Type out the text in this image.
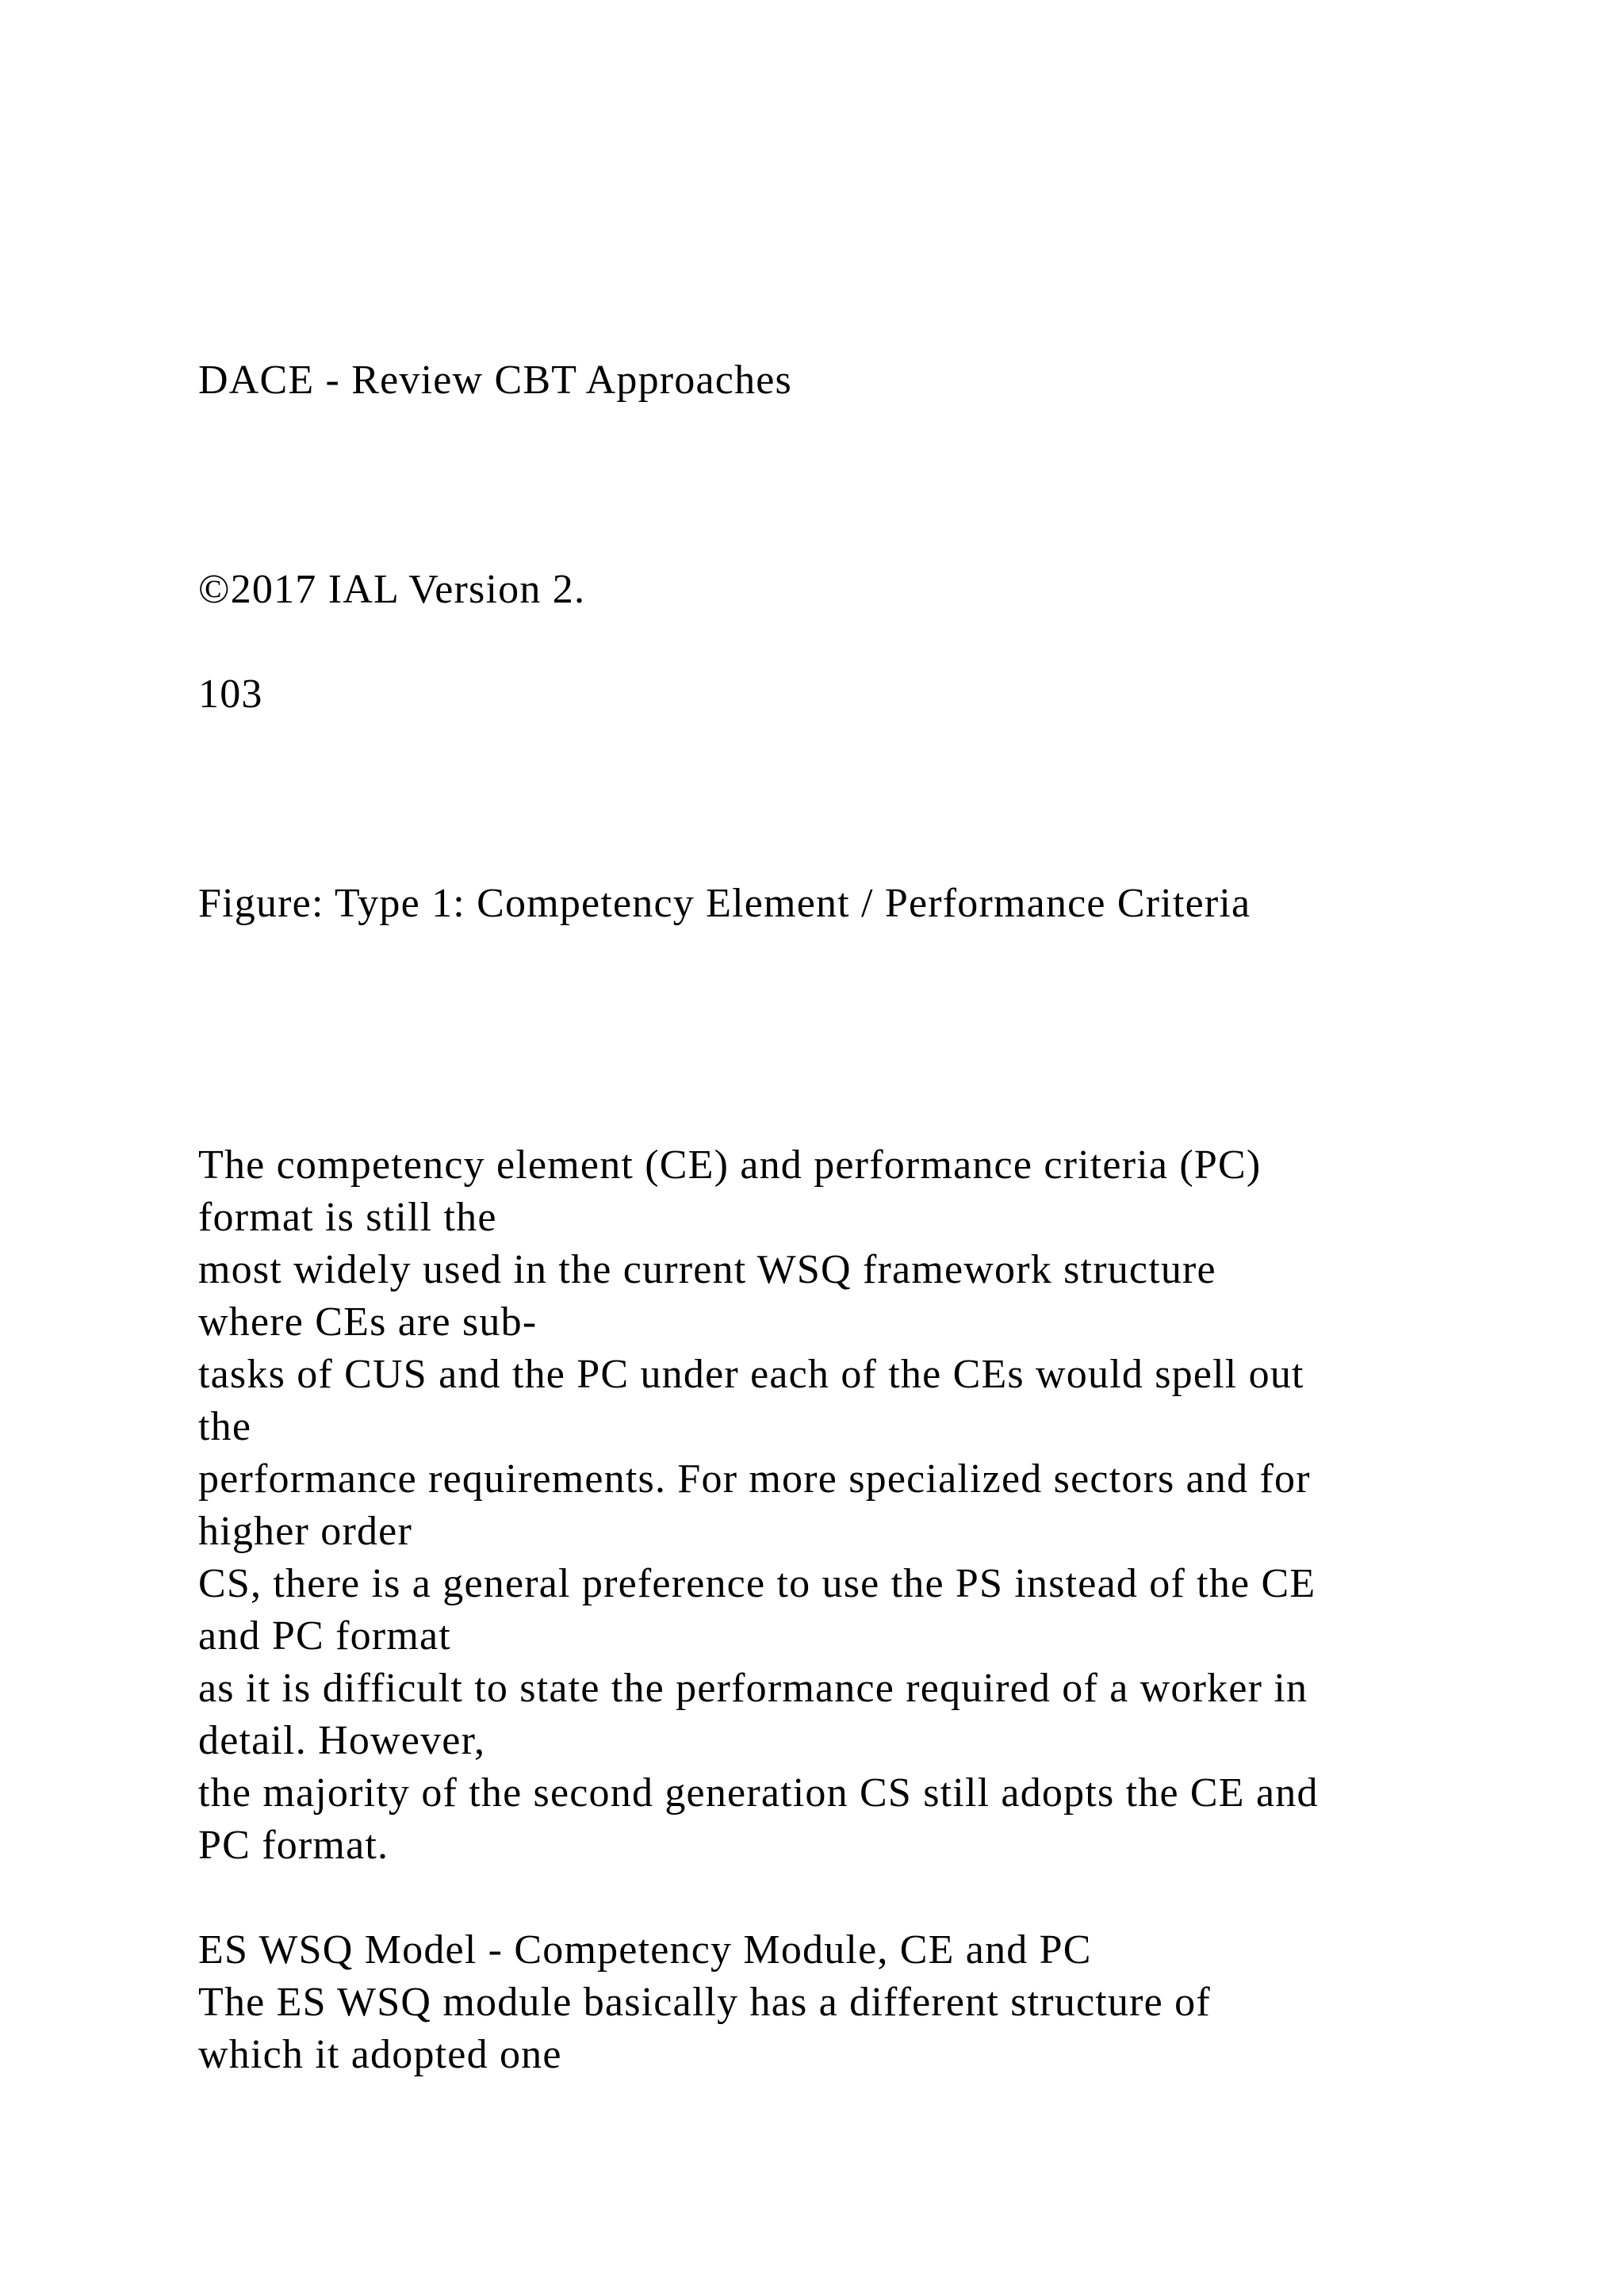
DACE - Review CBT Approaches
©2017 IAL Version 2.
103
Figure: Type 1: Competency Element / Performance Criteria
The competency element (CE) and performance criteria (PC)
format is still the
most widely used in the current WSQ framework structure
where CEs are sub-
tasks of CUS and the PC under each of the CEs would spell out
the
performance requirements. For more specialized sectors and for
higher order
CS, there is a general preference to use the PS instead of the CE
and PC format
as it is difficult to state the performance required of a worker in
detail. However,
the majority of the second generation CS still adopts the CE and
PC format.
ES WSQ Model - Competency Module, CE and PC
The ES WSQ module basically has a different structure of
which it adopted one
